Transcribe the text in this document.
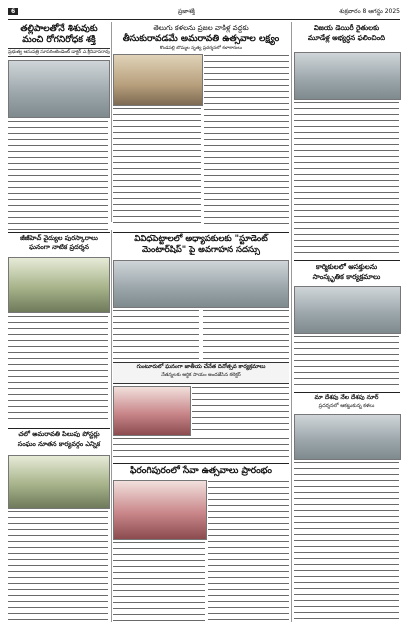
6	ప్రజాశక్తి	శుక్రవారం 8 ఆగస్టు 2025
తల్లిపాలతోనే శిశువుకు
మంచి రోగనిరోధక శక్తి
ప్రభుత్వ ఆసుపత్రి సూపరింటెండెంట్ డాక్టర్ ఎ.శ్రీనివాసరావు
తెలుగు కళలను ప్రజల వాకిళ్ల వద్దకు
తీసుకురావడమే అమరావతి ఉత్సవాల లక్ష్యం
కొండపల్లి బొమ్మల నృత్య ప్రదర్శనలో కళాకారులు
విజయ డెయిరీ రైతులకు
మూడేళ్ల అభ్యర్ధన ఫలించింది
జీజీహెచ్ వైద్యుల పురస్కారాలు
ఘనంగా నాటిక ప్రదర్శన
వివిధపెట్టాలలో అధ్యాపకులకు "స్టూడెంట్
మెంటార్‌షిప్" పై అవగాహన సదస్సు
కార్మికులలో ఆసక్తులను
సాంస్కృతిక కార్యక్రమాలు
గుంటూరులో ఘనంగా జాతీయ చేనేత దినోత్సవ కార్యక్రమాలు
నేతన్నలకు ఆర్థిక సాయం అందజేసిన కలెక్టర్
మా దేశపు నేల దేశపు నూర్
ప్రదర్శనలో ఆకట్టుకున్న కళలు
చలో అమరావతి పిలుపు పోస్టర్లు
సంఘం నూతన కార్యవర్గం ఎన్నిక
ఫిరంగిపురంలో సేవా ఉత్సవాలు ప్రారంభం
